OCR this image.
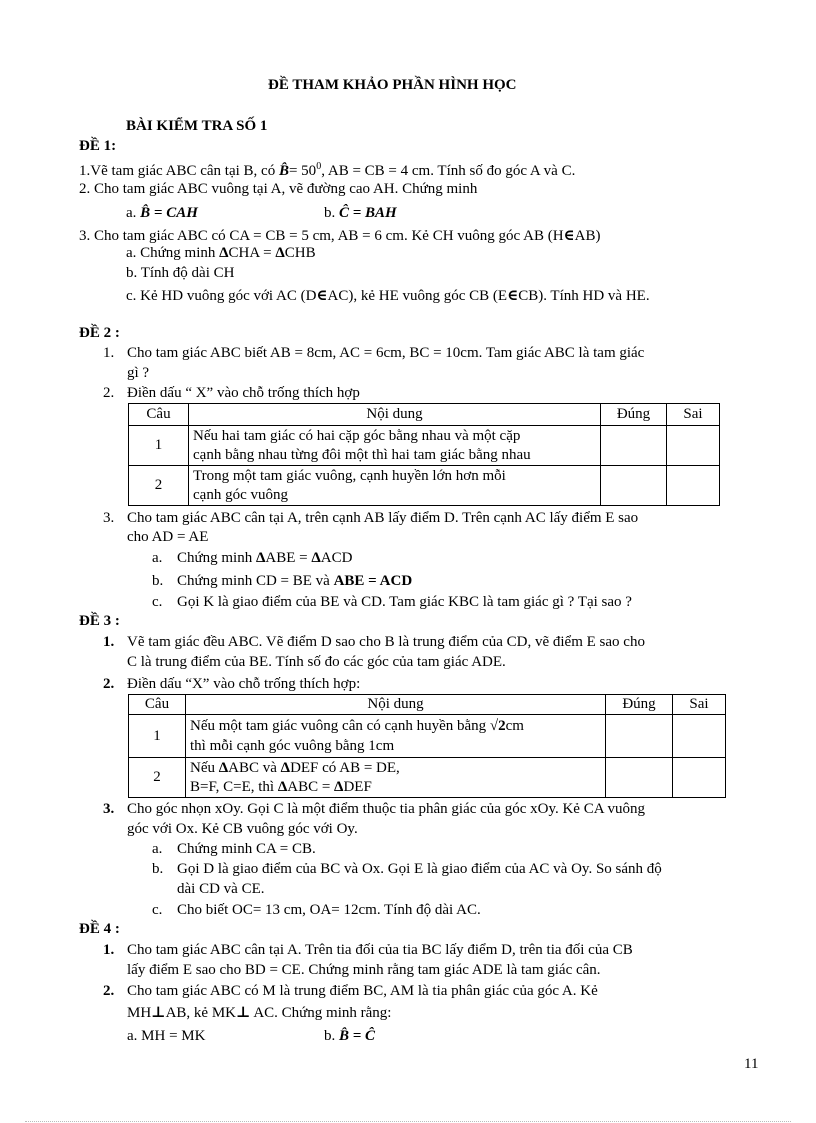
ĐỀ THAM KHẢO PHẦN HÌNH HỌC
BÀI KIỂM TRA SỐ 1
ĐỀ 1:
1.Vẽ tam giác ABC cân tại B, có B̂= $50^0$, AB = CB = 4 cm. Tính số đo góc A và C.
2. Cho tam giác ABC vuông tại A, vẽ đường cao AH. Chứng minh
a. B̂ = CAH	b. Ĉ = BAH
3. Cho tam giác ABC có CA = CB = 5 cm, AB = 6 cm. Kẻ CH vuông góc AB (H∈AB)
a. Chứng minh ΔCHA = ΔCHB
b. Tính độ dài CH
c. Kẻ HD vuông góc với AC (D∈AC), kẻ HE vuông góc CB (E∈CB). Tính HD và HE.
ĐỀ 2 :
1. Cho tam giác ABC biết AB = 8cm, AC = 6cm, BC = 10cm. Tam giác ABC là tam giác
gì ?
2. Điền dấu “ X” vào chỗ trống thích hợp
Câu	Nội dung	Đúng	Sai
1	Nếu hai tam giác có hai cặp góc bằng nhau và một cặp
cạnh bằng nhau từng đôi một thì hai tam giác bằng nhau		
2	Trong một tam giác vuông, cạnh huyền lớn hơn mỗi
cạnh góc vuông		
3. Cho tam giác ABC cân tại A, trên cạnh AB lấy điểm D. Trên cạnh AC lấy điểm E sao
cho AD = AE
a. Chứng minh ΔABE = ΔACD
b. Chứng minh CD = BE và ABE = ACD
c. Gọi K là giao điểm của BE và CD. Tam giác KBC là tam giác gì ? Tại sao ?
ĐỀ 3 :
1. Vẽ tam giác đều ABC. Vẽ điểm D sao cho B là trung điểm của CD, vẽ điểm E sao cho
C là trung điểm của BE. Tính số đo các góc của tam giác ADE.
2. Điền dấu “X” vào chỗ trống thích hợp:
Câu	Nội dung	Đúng	Sai
1	Nếu một tam giác vuông cân có cạnh huyền bằng √2cm
thì mỗi cạnh góc vuông bằng 1cm		
2	Nếu ΔABC và ΔDEF có AB = DE,
B=F, C=E, thì ΔABC = ΔDEF		
3. Cho góc nhọn xOy. Gọi C là một điểm thuộc tia phân giác của góc xOy. Kẻ CA vuông
góc với Ox. Kẻ CB vuông góc với Oy.
a. Chứng minh CA = CB.
b. Gọi D là giao điểm của BC và Ox. Gọi E là giao điểm của AC và Oy. So sánh độ
dài CD và CE.
c. Cho biết OC= 13 cm, OA= 12cm. Tính độ dài AC.
ĐỀ 4 :
1. Cho tam giác ABC cân tại A. Trên tia đối của tia BC lấy điểm D, trên tia đối của CB
lấy điểm E sao cho BD = CE. Chứng minh rằng tam giác ADE là tam giác cân.
2. Cho tam giác ABC có M là trung điểm BC, AM là tia phân giác của góc A. Kẻ
MH⊥AB, kẻ MK⊥ AC. Chứng minh rằng:
a. MH = MK	b. B̂ = Ĉ
11
